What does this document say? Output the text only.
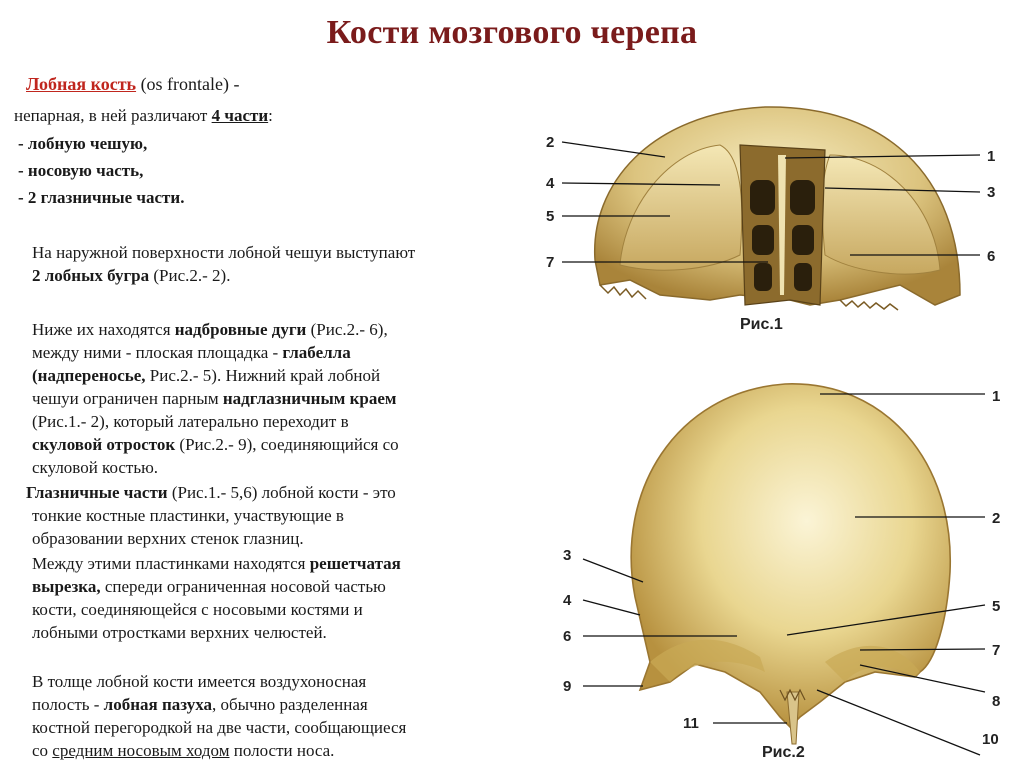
Кости мозгового черепа
Лобная кость (os frontale) -
непарная, в ней различают 4 части:
- лобную чешую,
- носовую часть,
- 2 глазничные части.
На наружной поверхности лобной чешуи выступают
2 лобных бугра (Рис.2.- 2).
Ниже их находятся надбровные дуги (Рис.2.- 6),
между ними - плоская площадка - глабелла
(надпереносье, Рис.2.- 5). Нижний край лобной
чешуи ограничен парным надглазничным краем
(Рис.1.- 2), который латерально переходит в
скуловой отросток (Рис.2.- 9), соединяющийся со
скуловой костью.
Глазничные части (Рис.1.- 5,6) лобной кости - это
тонкие костные пластинки, участвующие в
образовании верхних стенок глазниц.
Между этими пластинками находятся решетчатая
вырезка, спереди ограниченная носовой частью
кости, соединяющейся с носовыми костями и
лобными отростками верхних челюстей.
В толще лобной кости имеется воздухоносная
полость - лобная пазуха, обычно разделенная
костной перегородкой на две части, сообщающиеся
со средним носовым ходом полости носа.
2
4
5
7
1
3
6
Рис.1
3
4
6
9
11
1
2
5
7
8
10
Рис.2
